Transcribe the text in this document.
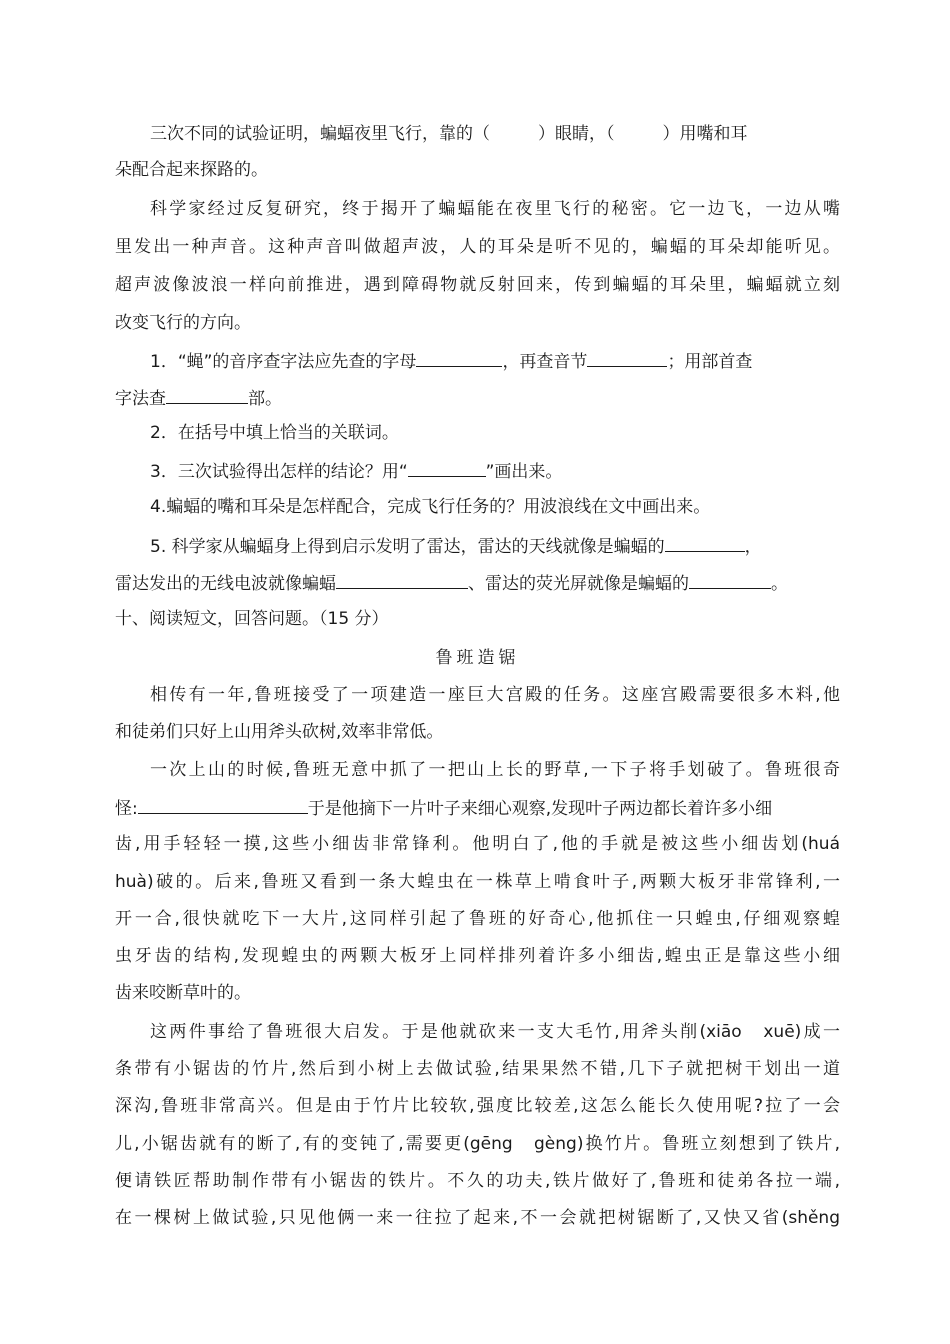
三次不同的试验证明，蝙蝠夜里飞行，靠的（	）眼睛，（	）用嘴和耳
朵配合起来探路的。
科学家经过反复研究，终于揭开了蝙蝠能在夜里飞行的秘密。它一边飞，一边从嘴
里发出一种声音。这种声音叫做超声波，人的耳朵是听不见的，蝙蝠的耳朵却能听见。
超声波像波浪一样向前推进，遇到障碍物就反射回来，传到蝙蝠的耳朵里，蝙蝠就立刻
改变飞行的方向。
1．“蝇”的音序查字法应先查的字母	，再查音节	；用部首查
字法查	部。
2．在括号中填上恰当的关联词。
3．三次试验得出怎样的结论？用“	”画出来。
4.蝙蝠的嘴和耳朵是怎样配合，完成飞行任务的？用波浪线在文中画出来。
5. 科学家从蝙蝠身上得到启示发明了雷达，雷达的天线就像是蝙蝠的	，
雷达发出的无线电波就像蝙蝠	、雷达的荧光屏就像是蝙蝠的	。
十、阅读短文，回答问题。（15 分）
鲁班造锯
相传有一年,鲁班接受了一项建造一座巨大宫殿的任务。这座宫殿需要很多木料,他
和徒弟们只好上山用斧头砍树,效率非常低。
一次上山的时候,鲁班无意中抓了一把山上长的野草,一下子将手划破了。鲁班很奇
怪:	于是他摘下一片叶子来细心观察,发现叶子两边都长着许多小细
齿,用手轻轻一摸,这些小细齿非常锋利。他明白了,他的手就是被这些小细齿划(huá
huà)破的。后来,鲁班又看到一条大蝗虫在一株草上啃食叶子,两颗大板牙非常锋利,一
开一合,很快就吃下一大片,这同样引起了鲁班的好奇心,他抓住一只蝗虫,仔细观察蝗
虫牙齿的结构,发现蝗虫的两颗大板牙上同样排列着许多小细齿,蝗虫正是靠这些小细
齿来咬断草叶的。
这两件事给了鲁班很大启发。于是他就砍来一支大毛竹,用斧头削(xiāo　xuē)成一
条带有小锯齿的竹片,然后到小树上去做试验,结果果然不错,几下子就把树干划出一道
深沟,鲁班非常高兴。但是由于竹片比较软,强度比较差,这怎么能长久使用呢?拉了一会
儿,小锯齿就有的断了,有的变钝了,需要更(gēng　gèng)换竹片。鲁班立刻想到了铁片,
便请铁匠帮助制作带有小锯齿的铁片。不久的功夫,铁片做好了,鲁班和徒弟各拉一端,
在一棵树上做试验,只见他俩一来一往拉了起来,不一会就把树锯断了,又快又省(shěng
